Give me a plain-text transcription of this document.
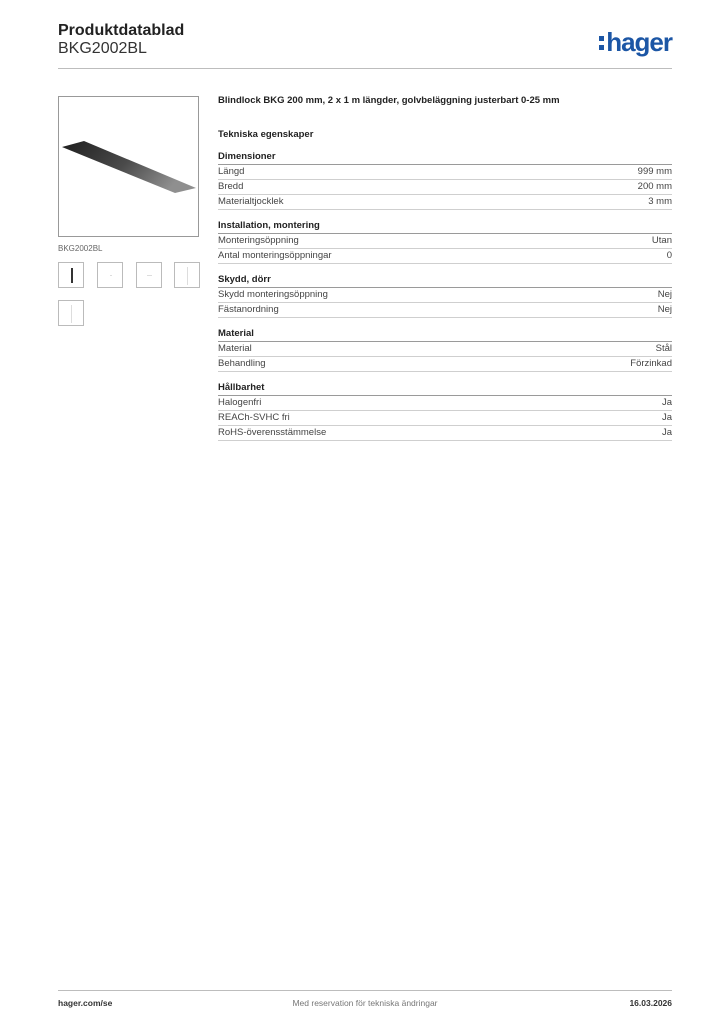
Produktdatablad
BKG2002BL	hager
BKG2002BL
Blindlock BKG 200 mm, 2 x 1 m längder, golvbeläggning justerbart 0-25 mm
Tekniska egenskaper
Dimensioner
Längd	999 mm
Bredd	200 mm
Materialtjocklek	3 mm
Installation, montering
Monteringsöppning	Utan
Antal monteringsöppningar	0
Skydd, dörr
Skydd monteringsöppning	Nej
Fästanordning	Nej
Material
Material	Stål
Behandling	Förzinkad
Hållbarhet
Halogenfri	Ja
REACh-SVHC fri	Ja
RoHS-överensstämmelse	Ja
hager.com/se	Med reservation för tekniska ändringar	16.03.2026
